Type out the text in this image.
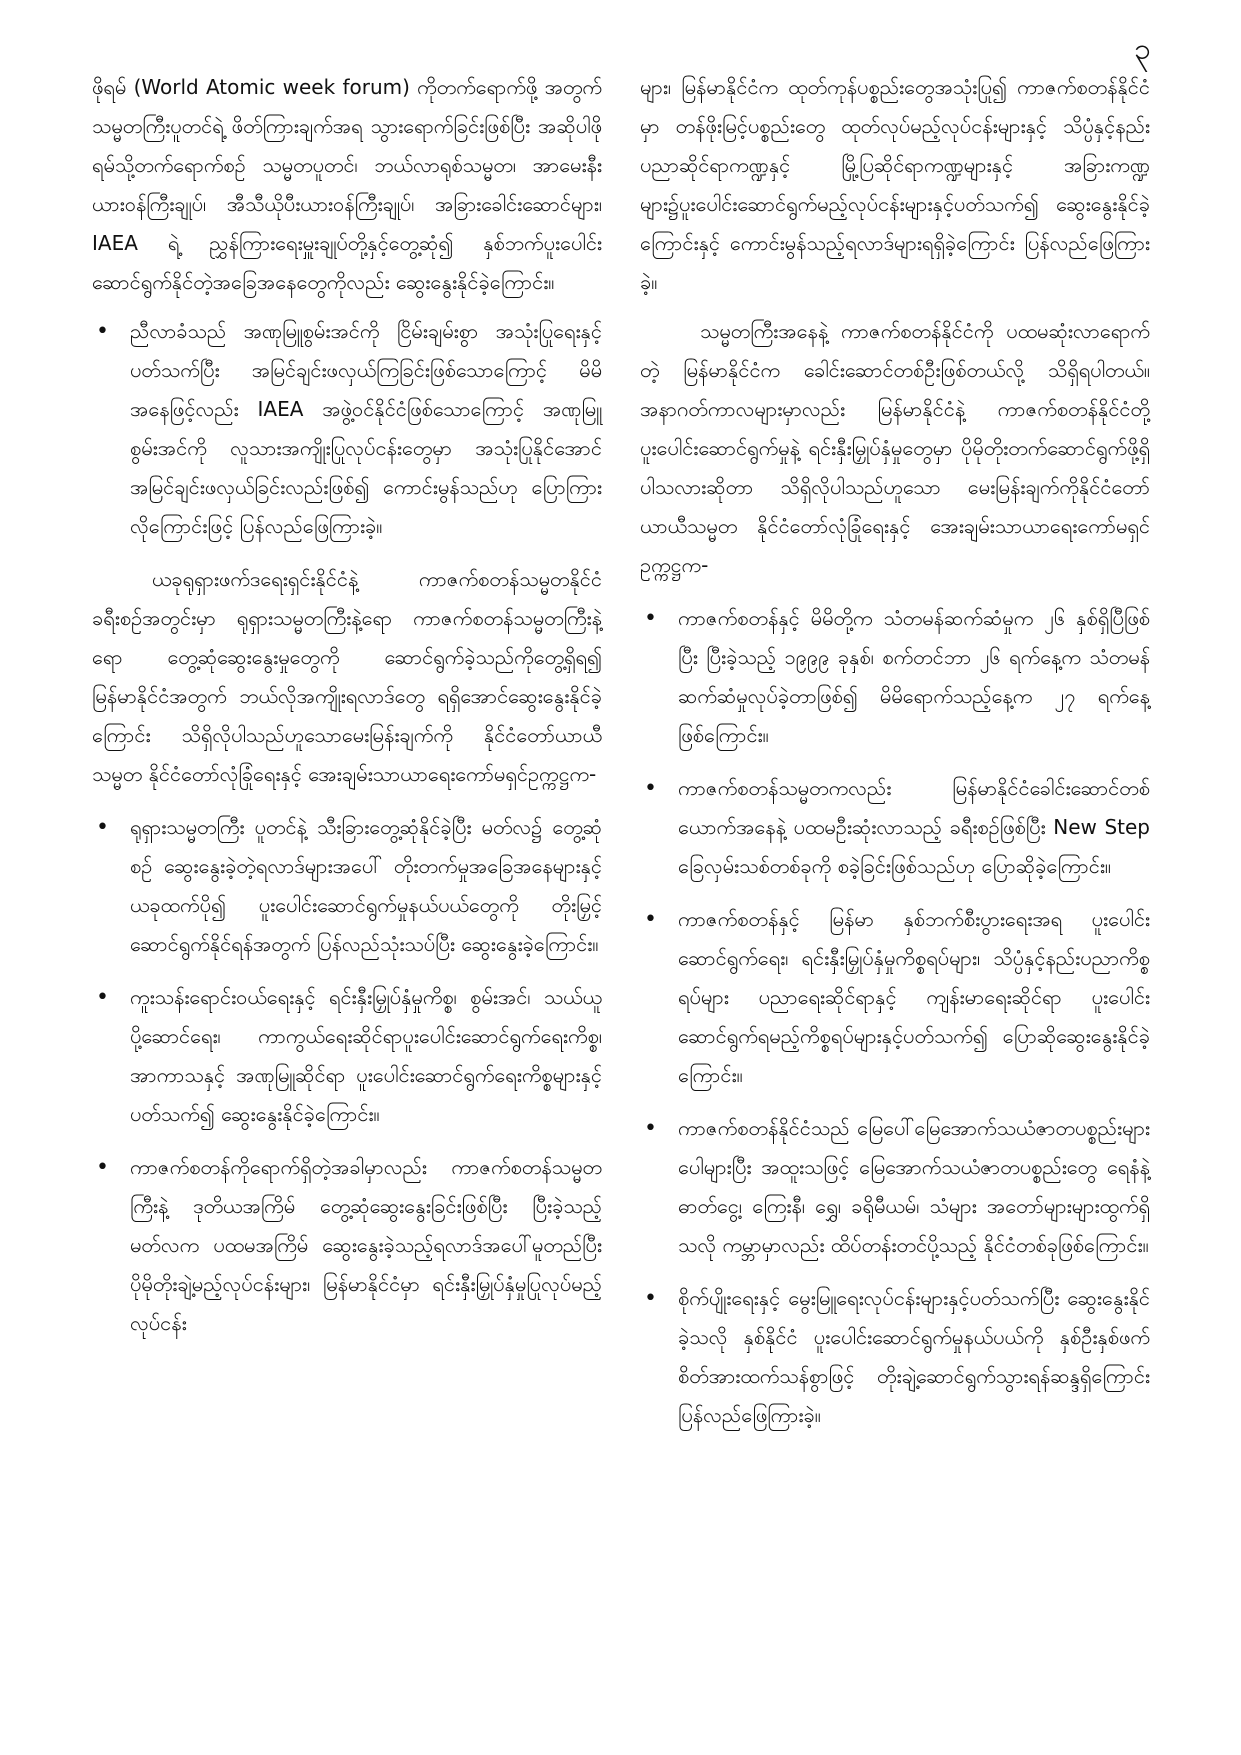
၃

ဖိုရမ် (World Atomic week forum) ကိုတက်ရောက်ဖို့ အတွက် သမ္မတကြီးပူတင်ရဲ့ ဖိတ်ကြားချက်အရ သွားရောက်ခြင်းဖြစ်ပြီး အဆိုပါဖိုရမ်သို့တက်ရောက်စဉ် သမ္မတပူတင်၊ ဘယ်လာရုစ်သမ္မတ၊ အာမေးနီးယားဝန်ကြီးချုပ်၊ အီသီယိုပီးယားဝန်ကြီးချုပ်၊ အခြားခေါင်းဆောင်များ၊ IAEA ရဲ့ ညွှန်ကြားရေးမှူးချုပ်တို့နှင့်တွေ့ဆုံ၍ နှစ်ဘက်ပူးပေါင်းဆောင်ရွက်နိုင်တဲ့အခြေအနေတွေကိုလည်း ဆွေးနွေးနိုင်ခဲ့ကြောင်း။

• ညီလာခံသည် အဏုမြူစွမ်းအင်ကို ငြိမ်းချမ်းစွာ အသုံးပြုရေးနှင့်ပတ်သက်ပြီး အမြင်ချင်းဖလှယ်ကြခြင်းဖြစ်သောကြောင့် မိမိအနေဖြင့်လည်း IAEA အဖွဲ့ဝင်နိုင်ငံဖြစ်သောကြောင့် အဏုမြူစွမ်းအင်ကို လူသားအကျိုးပြုလုပ်ငန်းတွေမှာ အသုံးပြုနိုင်အောင် အမြင်ချင်းဖလှယ်ခြင်းလည်းဖြစ်၍ ကောင်းမွန်သည်ဟု ပြောကြားလိုကြောင်းဖြင့် ပြန်လည်ဖြေကြားခဲ့။

ယခုရုရှားဖက်ဒရေးရှင်းနိုင်ငံနဲ့ ကာဇက်စတန်သမ္မတနိုင်ငံ ခရီးစဉ်အတွင်းမှာ ရုရှားသမ္မတကြီးနဲ့ရော ကာဇက်စတန်သမ္မတကြီးနဲ့ရော တွေ့ဆုံဆွေးနွေးမှုတွေကို ဆောင်ရွက်ခဲ့သည်ကိုတွေ့ရှိရ၍ မြန်မာနိုင်ငံအတွက် ဘယ်လိုအကျိုးရလာဒ်တွေ ရရှိအောင်ဆွေးနွေးနိုင်ခဲ့ကြောင်း သိရှိလိုပါသည်ဟူသောမေးမြန်းချက်ကို နိုင်ငံတော်ယာယီသမ္မတ နိုင်ငံတော်လုံခြုံရေးနှင့် အေးချမ်းသာယာရေးကော်မရှင်ဥက္ကဋ္ဌက-

• ရုရှားသမ္မတကြီး ပူတင်နဲ့ သီးခြားတွေ့ဆုံနိုင်ခဲ့ပြီး မတ်လ၌ တွေ့ဆုံစဉ် ဆွေးနွေးခဲ့တဲ့ရလာဒ်များအပေါ် တိုးတက်မှုအခြေအနေများနှင့် ယခုထက်ပို၍ ပူးပေါင်းဆောင်ရွက်မှုနယ်ပယ်တွေကို တိုးမြှင့်ဆောင်ရွက်နိုင်ရန်အတွက် ပြန်လည်သုံးသပ်ပြီး ဆွေးနွေးခဲ့ကြောင်း။
• ကူးသန်းရောင်းဝယ်ရေးနှင့် ရင်းနှီးမြှုပ်နှံမှုကိစ္စ၊ စွမ်းအင်၊ သယ်ယူပို့ဆောင်ရေး၊ ကာကွယ်ရေးဆိုင်ရာပူးပေါင်းဆောင်ရွက်ရေးကိစ္စ၊ အာကာသနှင့် အဏုမြူဆိုင်ရာ ပူးပေါင်းဆောင်ရွက်ရေးကိစ္စများနှင့်ပတ်သက်၍ ဆွေးနွေးနိုင်ခဲ့ကြောင်း။
• ကာဇက်စတန်ကိုရောက်ရှိတဲ့အခါမှာလည်း ကာဇက်စတန်သမ္မတကြီးနဲ့ ဒုတိယအကြိမ် တွေ့ဆုံဆွေးနွေးခြင်းဖြစ်ပြီး ပြီးခဲ့သည့် မတ်လက ပထမအကြိမ် ဆွေးနွေးခဲ့သည့်ရလာဒ်အပေါ်မူတည်ပြီး ပိုမိုတိုးချဲ့မည့်လုပ်ငန်းများ၊ မြန်မာနိုင်ငံမှာ ရင်းနှီးမြှုပ်နှံမှုပြုလုပ်မည့်လုပ်ငန်း

များ၊ မြန်မာနိုင်ငံက ထုတ်ကုန်ပစ္စည်းတွေအသုံးပြု၍ ကာဇက်စတန်နိုင်ငံမှာ တန်ဖိုးမြင့်ပစ္စည်းတွေ ထုတ်လုပ်မည့်လုပ်ငန်းများနှင့် သိပ္ပံနှင့်နည်းပညာဆိုင်ရာကဏ္ဍနှင့် မြို့ပြဆိုင်ရာကဏ္ဍများနှင့် အခြားကဏ္ဍများ၌ပူးပေါင်းဆောင်ရွက်မည့်လုပ်ငန်းများနှင့်ပတ်သက်၍ ဆွေးနွေးနိုင်ခဲ့ကြောင်းနှင့် ကောင်းမွန်သည့်ရလာဒ်များရရှိခဲ့ကြောင်း ပြန်လည်ဖြေကြားခဲ့။

သမ္မတကြီးအနေနဲ့ ကာဇက်စတန်နိုင်ငံကို ပထမဆုံးလာရောက်တဲ့ မြန်မာနိုင်ငံက ခေါင်းဆောင်တစ်ဦးဖြစ်တယ်လို့ သိရှိရပါတယ်။ အနာဂတ်ကာလများမှာလည်း မြန်မာနိုင်ငံနဲ့ ကာဇက်စတန်နိုင်ငံတို့ ပူးပေါင်းဆောင်ရွက်မှုနဲ့ ရင်းနှီးမြှုပ်နှံမှုတွေမှာ ပိုမိုတိုးတက်ဆောင်ရွက်ဖို့ရှိပါသလားဆိုတာ သိရှိလိုပါသည်ဟူသော မေးမြန်းချက်ကိုနိုင်ငံတော်ယာယီသမ္မတ နိုင်ငံတော်လုံခြုံရေးနှင့် အေးချမ်းသာယာရေးကော်မရှင်ဥက္ကဋ္ဌက-

• ကာဇက်စတန်နှင့် မိမိတို့က သံတမန်ဆက်ဆံမှုက ၂၆ နှစ်ရှိပြီဖြစ်ပြီး ပြီးခဲ့သည့် ၁၉၉၉ ခုနှစ်၊ စက်တင်ဘာ ၂၆ ရက်နေ့က သံတမန်ဆက်ဆံမှုလုပ်ခဲ့တာဖြစ်၍ မိမိရောက်သည့်နေ့က ၂၇ ရက်နေ့ဖြစ်ကြောင်း။
• ကာဇက်စတန်သမ္မတကလည်း မြန်မာနိုင်ငံခေါင်းဆောင်တစ်ယောက်အနေနဲ့ ပထမဦးဆုံးလာသည့် ခရီးစဉ်ဖြစ်ပြီး New Step ခြေလှမ်းသစ်တစ်ခုကို စခဲ့ခြင်းဖြစ်သည်ဟု ပြောဆိုခဲ့ကြောင်း။
• ကာဇက်စတန်နှင့် မြန်မာ နှစ်ဘက်စီးပွားရေးအရ ပူးပေါင်းဆောင်ရွက်ရေး၊ ရင်းနှီးမြှုပ်နှံမှုကိစ္စရပ်များ၊ သိပ္ပံနှင့်နည်းပညာကိစ္စရပ်များ ပညာရေးဆိုင်ရာနှင့် ကျန်းမာရေးဆိုင်ရာ ပူးပေါင်းဆောင်ရွက်ရမည့်ကိစ္စရပ်များနှင့်ပတ်သက်၍ ပြောဆိုဆွေးနွေးနိုင်ခဲ့ကြောင်း။
• ကာဇက်စတန်နိုင်ငံသည် မြေပေါ်မြေအောက်သယံဇာတပစ္စည်းများပေါများပြီး အထူးသဖြင့် မြေအောက်သယံဇာတပစ္စည်းတွေ ရေနံနဲ့ဓာတ်ငွေ့၊ ကြေးနီ၊ ရွှေ၊ ခရိုမီယမ်၊ သံများ အတော်များများထွက်ရှိသလို ကမ္ဘာမှာလည်း ထိပ်တန်းတင်ပို့သည့် နိုင်ငံတစ်ခုဖြစ်ကြောင်း။
• စိုက်ပျိုးရေးနှင့် မွေးမြူရေးလုပ်ငန်းများနှင့်ပတ်သက်ပြီး ဆွေးနွေးနိုင်ခဲ့သလို နှစ်နိုင်ငံ ပူးပေါင်းဆောင်ရွက်မှုနယ်ပယ်ကို နှစ်ဦးနှစ်ဖက် စိတ်အားထက်သန်စွာဖြင့် တိုးချဲ့ဆောင်ရွက်သွားရန်ဆန္ဒရှိကြောင်း ပြန်လည်ဖြေကြားခဲ့။
